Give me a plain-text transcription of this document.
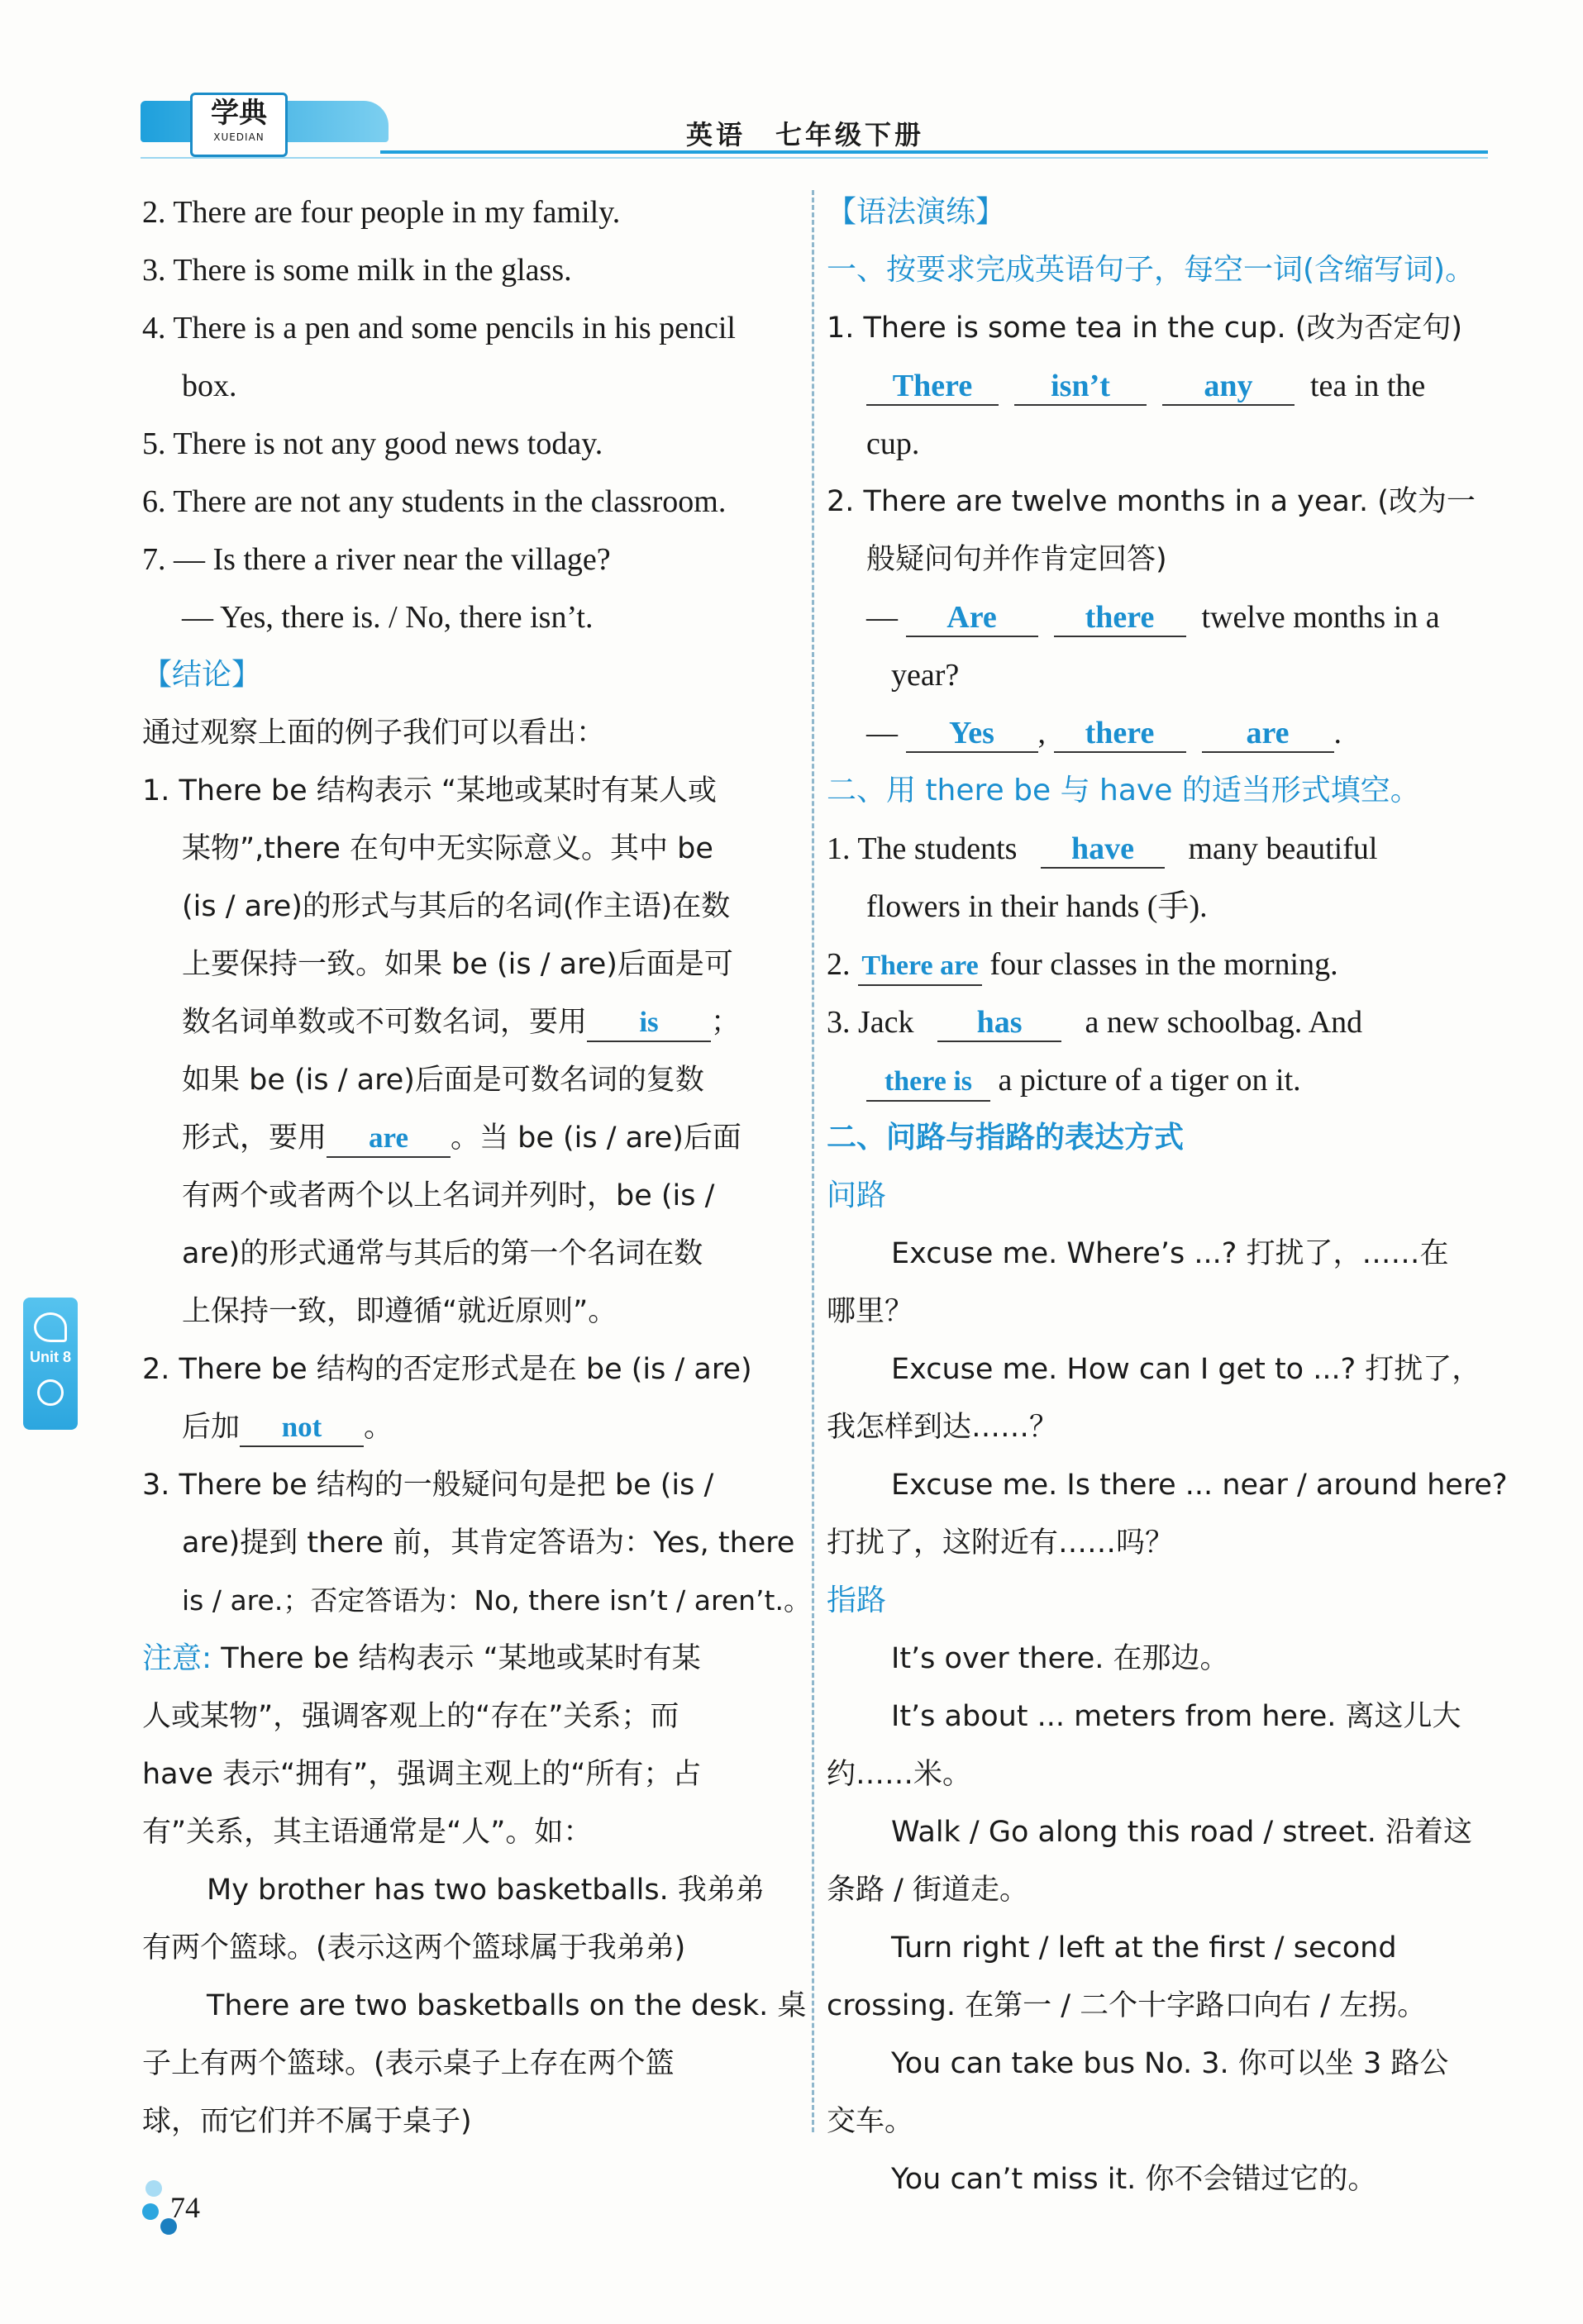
学典
XUEDIAN	英语　七年级下册
2. There are four people in my family.
3. There is some milk in the glass.
4. There is a pen and some pencils in his pencil
box.
5. There is not any good news today.
6. There are not any students in the classroom.
7. — Is there a river near the village?
— Yes, there is. / No, there isn’t.
【结论】
通过观察上面的例子我们可以看出：
1. There be 结构表示 “某地或某时有某人或
某物”,there 在句中无实际意义。其中 be
(is / are)的形式与其后的名词(作主语)在数
上要保持一致。如果 be (is / are)后面是可
数名词单数或不可数名词，要用 is ；
如果 be (is / are)后面是可数名词的复数
形式，要用 are 。当 be (is / are)后面
有两个或者两个以上名词并列时，be (is /
are)的形式通常与其后的第一个名词在数
上保持一致，即遵循“就近原则”。
2. There be 结构的否定形式是在 be (is / are)
后加 not 。
3. There be 结构的一般疑问句是把 be (is /
are)提到 there 前，其肯定答语为：Yes, there
is / are.；否定答语为：No, there isn’t / aren’t.。
注意: There be 结构表示 “某地或某时有某
人或某物”，强调客观上的“存在”关系；而
have 表示“拥有”，强调主观上的“所有；占
有”关系，其主语通常是“人”。如：
My brother has two basketballs. 我弟弟
有两个篮球。(表示这两个篮球属于我弟弟)
There are two basketballs on the desk. 桌
子上有两个篮球。(表示桌子上存在两个篮
球，而它们并不属于桌子)
【语法演练】
一、按要求完成英语句子，每空一词(含缩写词)。
1. There is some tea in the cup. (改为否定句)
There isn’t	any tea in the
cup.
2. There are twelve months in a year. (改为一
般疑问句并作肯定回答)
— Are	there twelve months in a
year?
— Yes , there	are .
二、用 there be 与 have 的适当形式填空。
1. The students have many beautiful
flowers in their hands (手).
2. There are four classes in the morning.
3. Jack has a new schoolbag. And
there is a picture of a tiger on it.
二、问路与指路的表达方式
问路
Excuse me. Where’s ...? 打扰了，……在
哪里？
Excuse me. How can I get to ...? 打扰了，
我怎样到达……？
Excuse me. Is there ... near / around here?
打扰了，这附近有……吗？
指路
It’s over there. 在那边。
It’s about ... meters from here. 离这儿大
约……米。
Walk / Go along this road / street. 沿着这
条路 / 街道走。
Turn right / left at the first / second
crossing. 在第一 / 二个十字路口向右 / 左拐。
You can take bus No. 3. 你可以坐 3 路公
交车。
You can’t miss it. 你不会错过它的。
Unit 8
74
